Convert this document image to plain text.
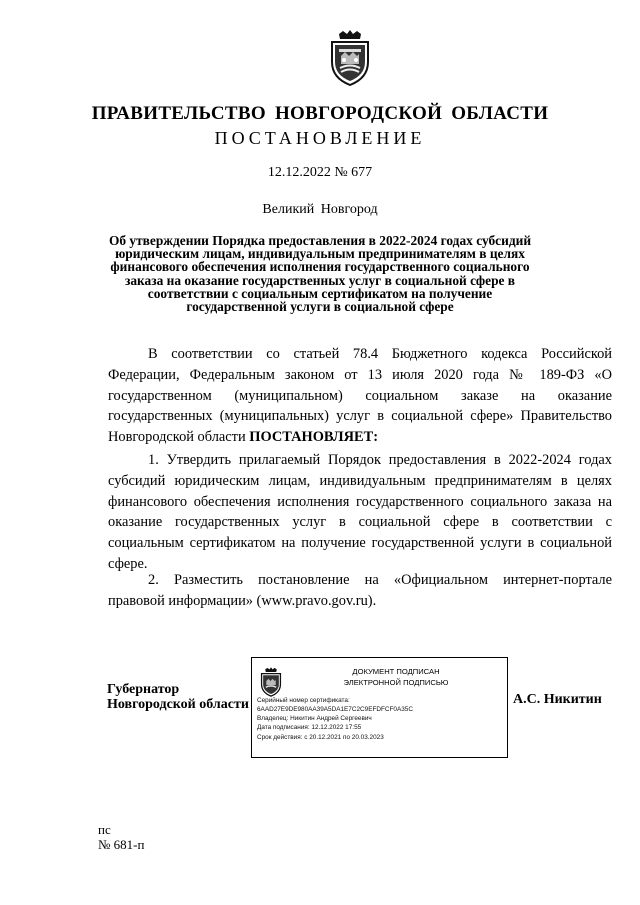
ПРАВИТЕЛЬСТВО НОВГОРОДСКОЙ ОБЛАСТИ
ПОСТАНОВЛЕНИЕ
12.12.2022 № 677
Великий Новгород
Об утверждении Порядка предоставления в 2022-2024 годах субсидий
юридическим лицам, индивидуальным предпринимателям в целях
финансового обеспечения исполнения государственного социального
заказа на оказание государственных услуг в социальной сфере в
соответствии с социальным сертификатом на получение
государственной услуги в социальной сфере
В соответствии со статьей 78.4 Бюджетного кодекса Российской Федерации, Федеральным законом от 13 июля 2020 года № 189-ФЗ «О государственном (муниципальном) социальном заказе на оказание государственных (муниципальных) услуг в социальной сфере» Правительство Новгородской области ПОСТАНОВЛЯЕТ:
1. Утвердить прилагаемый Порядок предоставления в 2022-2024 годах субсидий юридическим лицам, индивидуальным предпринимателям в целях финансового обеспечения исполнения государственного социального заказа на оказание государственных услуг в социальной сфере в соответствии с социальным сертификатом на получение государственной услуги в социальной сфере.
2. Разместить постановление на «Официальном интернет-портале правовой информации» (www.pravo.gov.ru).
Губернатор
Новгородской области
ДОКУМЕНТ ПОДПИСАН
ЭЛЕКТРОННОЙ ПОДПИСЬЮ
Серийный номер сертификата:
6AAD27E9DE980AA39A5DA1E7C2C9EFDFCF0A35C
Владелец: Никитин Андрей Сергеевич
Дата подписания: 12.12.2022 17:55
Срок действия: с 20.12.2021 по 20.03.2023
А.С. Никитин
пс
№ 681-п
